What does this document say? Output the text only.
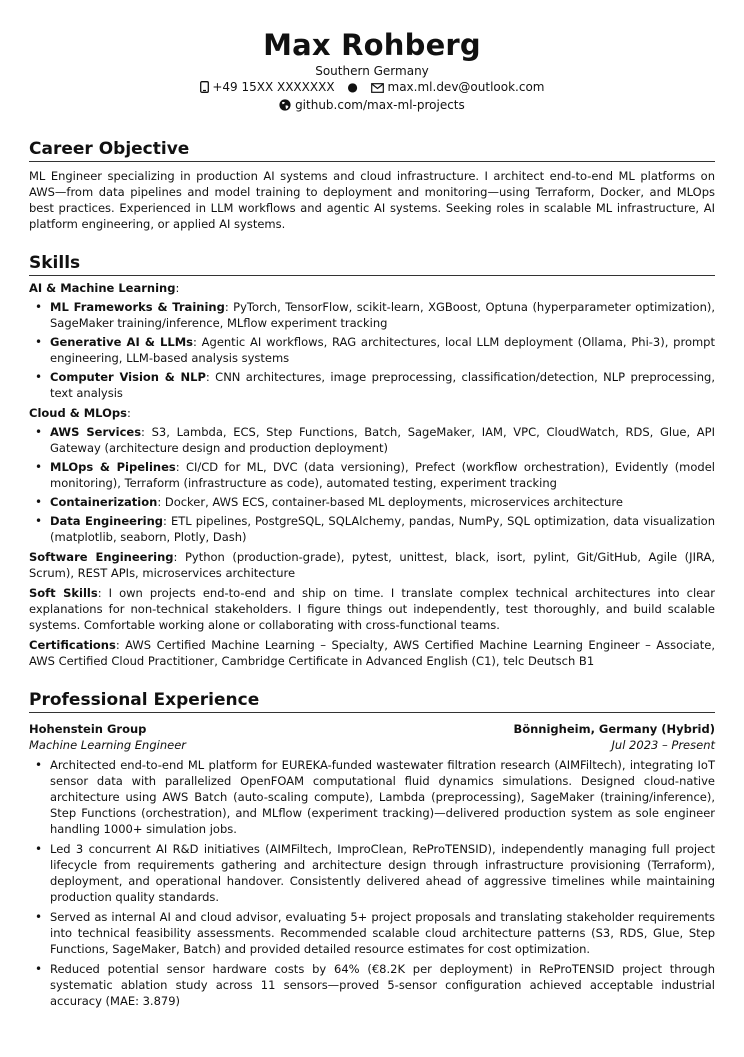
Max Rohberg
Southern Germany
+49 15XX XXXXXXX ● max.ml.dev@outlook.com
github.com/max-ml-projects
Career Objective
ML Engineer specializing in production AI systems and cloud infrastructure. I architect end-to-end ML platforms on AWS—from data pipelines and model training to deployment and monitoring—using Terraform, Docker, and MLOps best practices. Experienced in LLM workflows and agentic AI systems. Seeking roles in scalable ML infrastructure, AI platform engineering, or applied AI systems.
Skills
AI & Machine Learning:
• ML Frameworks & Training: PyTorch, TensorFlow, scikit-learn, XGBoost, Optuna (hyperparameter optimization), SageMaker training/inference, MLflow experiment tracking
• Generative AI & LLMs: Agentic AI workflows, RAG architectures, local LLM deployment (Ollama, Phi-3), prompt engineering, LLM-based analysis systems
• Computer Vision & NLP: CNN architectures, image preprocessing, classification/detection, NLP preprocessing, text analysis
Cloud & MLOps:
• AWS Services: S3, Lambda, ECS, Step Functions, Batch, SageMaker, IAM, VPC, CloudWatch, RDS, Glue, API Gateway (architecture design and production deployment)
• MLOps & Pipelines: CI/CD for ML, DVC (data versioning), Prefect (workflow orchestration), Evidently (model monitoring), Terraform (infrastructure as code), automated testing, experiment tracking
• Containerization: Docker, AWS ECS, container-based ML deployments, microservices architecture
• Data Engineering: ETL pipelines, PostgreSQL, SQLAlchemy, pandas, NumPy, SQL optimization, data visualization (matplotlib, seaborn, Plotly, Dash)
Software Engineering: Python (production-grade), pytest, unittest, black, isort, pylint, Git/GitHub, Agile (JIRA, Scrum), REST APIs, microservices architecture
Soft Skills: I own projects end-to-end and ship on time. I translate complex technical architectures into clear explanations for non-technical stakeholders. I figure things out independently, test thoroughly, and build scalable systems. Comfortable working alone or collaborating with cross-functional teams.
Certifications: AWS Certified Machine Learning – Specialty, AWS Certified Machine Learning Engineer – Associate, AWS Certified Cloud Practitioner, Cambridge Certificate in Advanced English (C1), telc Deutsch B1
Professional Experience
Hohenstein Group	Bönnigheim, Germany (Hybrid)
Machine Learning Engineer	Jul 2023 – Present
• Architected end-to-end ML platform for EUREKA-funded wastewater filtration research (AIMFiltech), integrating IoT sensor data with parallelized OpenFOAM computational fluid dynamics simulations. Designed cloud-native architecture using AWS Batch (auto-scaling compute), Lambda (preprocessing), SageMaker (training/inference), Step Functions (orchestration), and MLflow (experiment tracking)—delivered production system as sole engineer handling 1000+ simulation jobs.
• Led 3 concurrent AI R&D initiatives (AIMFiltech, ImproClean, ReProTENSID), independently managing full project lifecycle from requirements gathering and architecture design through infrastructure provisioning (Terraform), deployment, and operational handover. Consistently delivered ahead of aggressive timelines while maintaining production quality standards.
• Served as internal AI and cloud advisor, evaluating 5+ project proposals and translating stakeholder requirements into technical feasibility assessments. Recommended scalable cloud architecture patterns (S3, RDS, Glue, Step Functions, SageMaker, Batch) and provided detailed resource estimates for cost optimization.
• Reduced potential sensor hardware costs by 64% (€8.2K per deployment) in ReProTENSID project through systematic ablation study across 11 sensors—proved 5-sensor configuration achieved acceptable industrial accuracy (MAE: 3.879)
